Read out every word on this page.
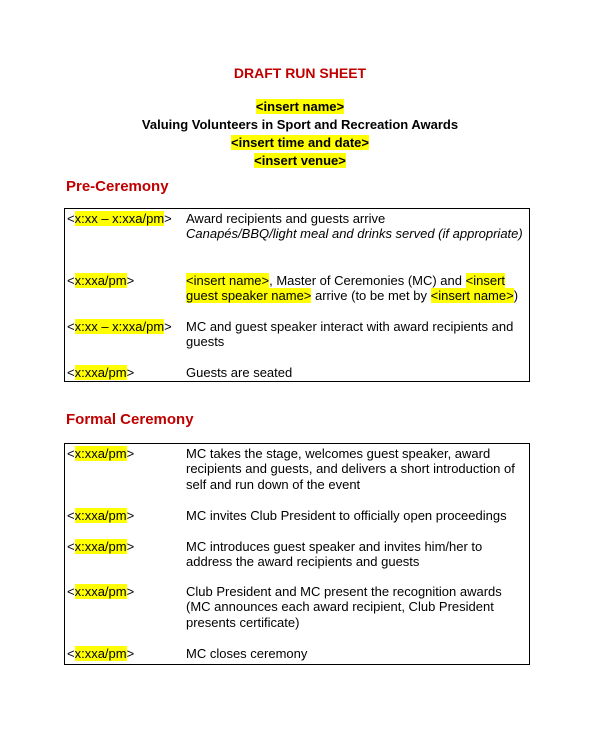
DRAFT RUN SHEET
<insert name>
Valuing Volunteers in Sport and Recreation Awards
<insert time and date>
<insert venue>
Pre-Ceremony
<x:xx – x:xxa/pm> Award recipients and guests arrive
Canapés/BBQ/light meal and drinks served (if appropriate)
<x:xxa/pm>	<insert name>, Master of Ceremonies (MC) and <insert guest speaker name> arrive (to be met by <insert name>)
<x:xx – x:xxa/pm> MC and guest speaker interact with award recipients and guests
<x:xxa/pm>	Guests are seated
Formal Ceremony
<x:xxa/pm>	MC takes the stage, welcomes guest speaker, award recipients and guests, and delivers a short introduction of self and run down of the event
<x:xxa/pm>	MC invites Club President to officially open proceedings
<x:xxa/pm>	MC introduces guest speaker and invites him/her to address the award recipients and guests
<x:xxa/pm>	Club President and MC present the recognition awards (MC announces each award recipient, Club President presents certificate)
<x:xxa/pm>	MC closes ceremony
